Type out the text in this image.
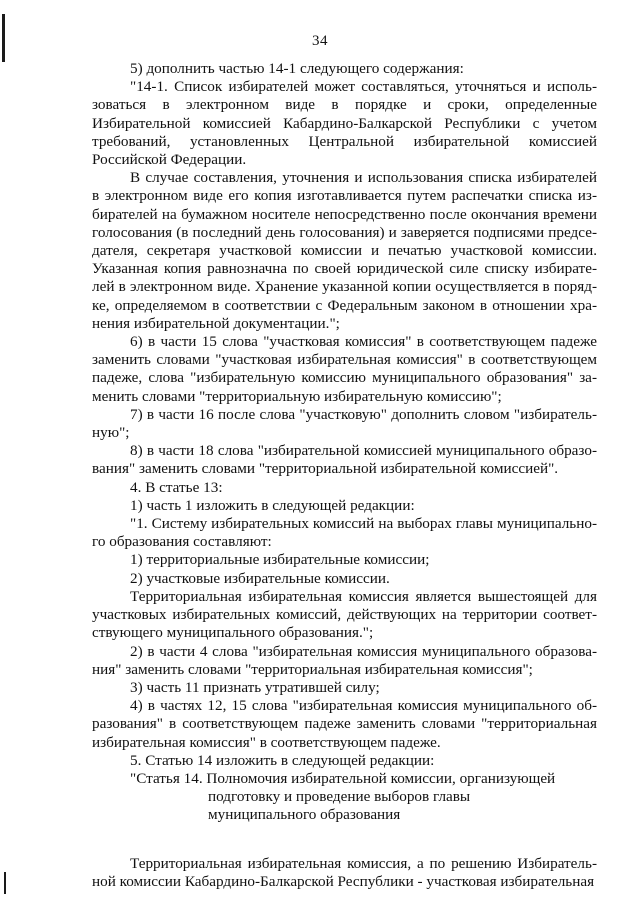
34

5) дополнить частью 14-1 следующего содержания:

"14-1. Список избирателей может составляться, уточняться и использоваться в электронном виде в порядке и сроки, определенные Избирательной комиссией Кабардино-Балкарской Республики с учетом требований, установленных Центральной избирательной комиссией Российской Федерации.

В случае составления, уточнения и использования списка избирателей в электронном виде его копия изготавливается путем распечатки списка избирателей на бумажном носителе непосредственно после окончания времени голосования (в последний день голосования) и заверяется подписями председателя, секретаря участковой комиссии и печатью участковой комиссии. Указанная копия равнозначна по своей юридической силе списку избирателей в электронном виде. Хранение указанной копии осуществляется в порядке, определяемом в соответствии с Федеральным законом в отношении хранения избирательной документации.";

6) в части 15 слова "участковая комиссия" в соответствующем падеже заменить словами "участковая избирательная комиссия" в соответствующем падеже, слова "избирательную комиссию муниципального образования" заменить словами "территориальную избирательную комиссию";

7) в части 16 после слова "участковую" дополнить словом "избирательную";

8) в части 18 слова "избирательной комиссией муниципального образования" заменить словами "территориальной избирательной комиссией".

4. В статье 13:

1) часть 1 изложить в следующей редакции:

"1. Систему избирательных комиссий на выборах главы муниципального образования составляют:

1) территориальные избирательные комиссии;

2) участковые избирательные комиссии.

Территориальная избирательная комиссия является вышестоящей для участковых избирательных комиссий, действующих на территории соответствующего муниципального образования.";

2) в части 4 слова "избирательная комиссия муниципального образования" заменить словами "территориальная избирательная комиссия";

3) часть 11 признать утратившей силу;

4) в частях 12, 15 слова "избирательная комиссия муниципального образования" в соответствующем падеже заменить словами "территориальная избирательная комиссия" в соответствующем падеже.

5. Статью 14 изложить в следующей редакции:

"Статья 14. Полномочия избирательной комиссии, организующей

подготовку и проведение выборов главы

муниципального образования

Территориальная избирательная комиссия, а по решению Избирательной комиссии Кабардино-Балкарской Республики - участковая избирательная
